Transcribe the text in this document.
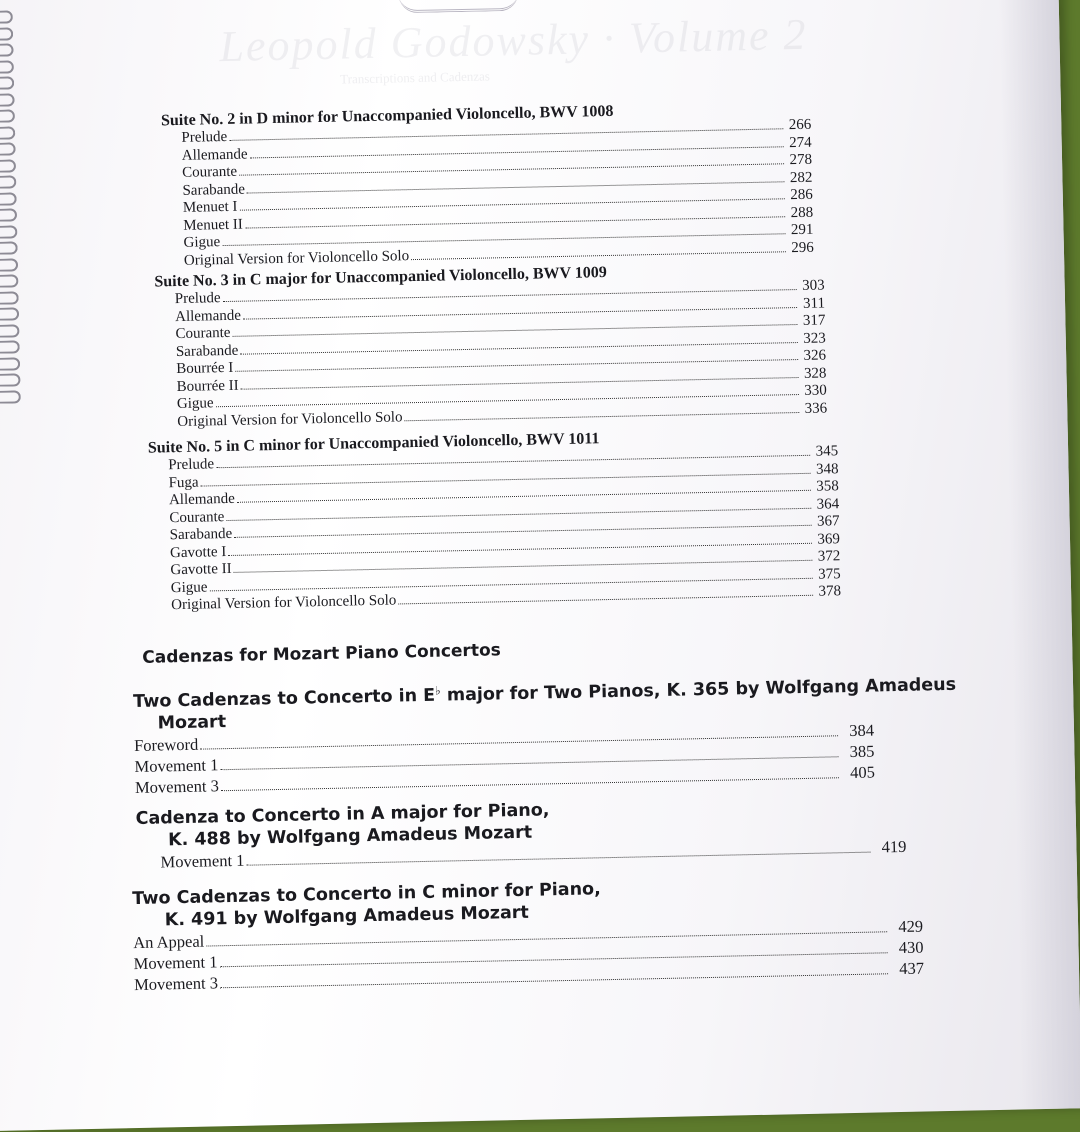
Leopold Godowsky · Volume 2
Transcriptions and Cadenzas
Suite No. 2 in D minor for Unaccompanied Violoncello, BWV 1008
Prelude
266
Allemande
274
Courante
278
Sarabande
282
Menuet I
286
Menuet II
288
Gigue
291
Original Version for Violoncello Solo
296
Suite No. 3 in C major for Unaccompanied Violoncello, BWV 1009
Prelude
303
Allemande
311
Courante
317
Sarabande
323
Bourrée I
326
Bourrée II
328
Gigue
330
Original Version for Violoncello Solo
336
Suite No. 5 in C minor for Unaccompanied Violoncello, BWV 1011
Prelude
345
Fuga
348
Allemande
358
Courante
364
Sarabande
367
Gavotte I
369
Gavotte II
372
Gigue
375
Original Version for Violoncello Solo
378
Cadenzas for Mozart Piano Concertos
Two Cadenzas to Concerto in E♭ major for Two Pianos, K. 365 by Wolfgang Amadeus
Mozart
Foreword
384
Movement 1
385
Movement 3
405
Cadenza to Concerto in A major for Piano,
K. 488 by Wolfgang Amadeus Mozart
Movement 1
419
Two Cadenzas to Concerto in C minor for Piano,
K. 491 by Wolfgang Amadeus Mozart
An Appeal
429
Movement 1
430
Movement 3
437
